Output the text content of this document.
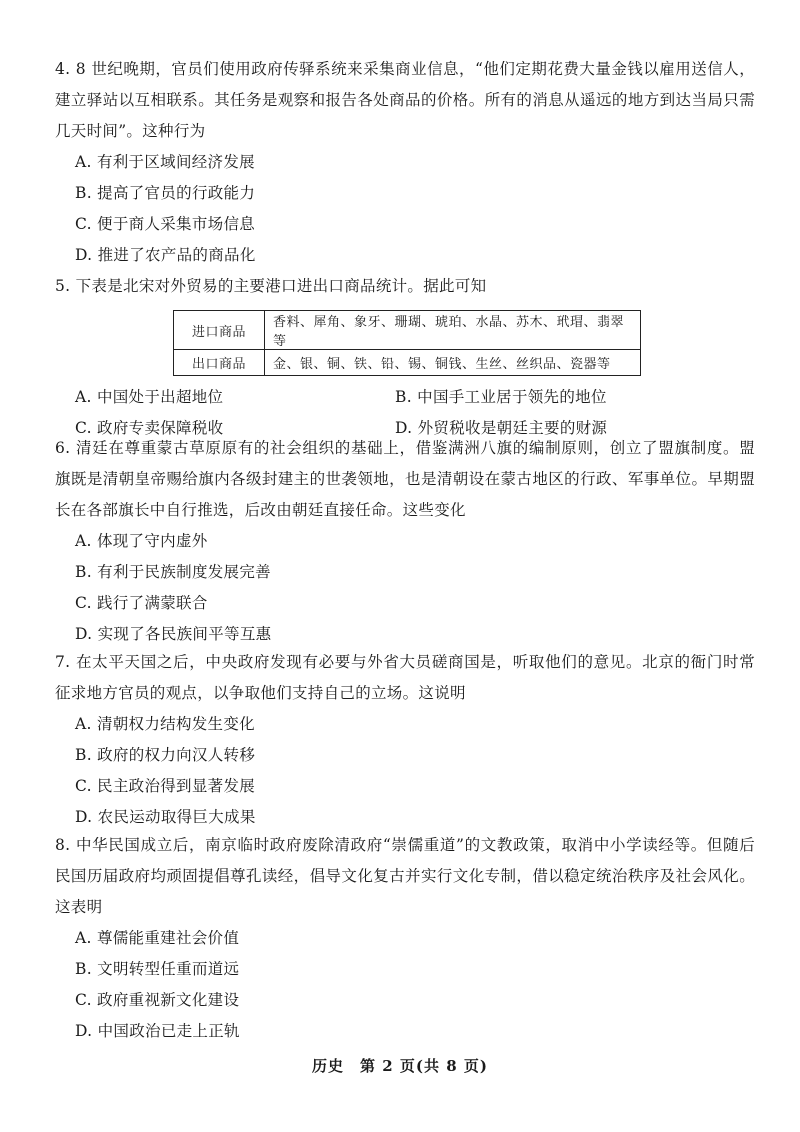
4. 8 世纪晚期，官员们使用政府传驿系统来采集商业信息，“他们定期花费大量金钱以雇用送信人，建立驿站以互相联系。其任务是观察和报告各处商品的价格。所有的消息从遥远的地方到达当局只需几天时间”。这种行为

A. 有利于区域间经济发展
B. 提高了官员的行政能力
C. 便于商人采集市场信息
D. 推进了农产品的商品化

5. 下表是北宋对外贸易的主要港口进出口商品统计。据此可知

进口商品	香料、犀角、象牙、珊瑚、琥珀、水晶、苏木、玳瑁、翡翠等
出口商品	金、银、铜、铁、铅、锡、铜钱、生丝、丝织品、瓷器等
A. 中国处于出超地位	B. 中国手工业居于领先的地位
C. 政府专卖保障税收	D. 外贸税收是朝廷主要的财源

6. 清廷在尊重蒙古草原原有的社会组织的基础上，借鉴满洲八旗的编制原则，创立了盟旗制度。盟旗既是清朝皇帝赐给旗内各级封建主的世袭领地，也是清朝设在蒙古地区的行政、军事单位。早期盟长在各部旗长中自行推选，后改由朝廷直接任命。这些变化

A. 体现了守内虚外
B. 有利于民族制度发展完善
C. 践行了满蒙联合
D. 实现了各民族间平等互惠

7. 在太平天国之后，中央政府发现有必要与外省大员磋商国是，听取他们的意见。北京的衙门时常征求地方官员的观点，以争取他们支持自己的立场。这说明

A. 清朝权力结构发生变化
B. 政府的权力向汉人转移
C. 民主政治得到显著发展
D. 农民运动取得巨大成果

8. 中华民国成立后，南京临时政府废除清政府“崇儒重道”的文教政策，取消中小学读经等。但随后民国历届政府均顽固提倡尊孔读经，倡导文化复古并实行文化专制，借以稳定统治秩序及社会风化。这表明

A. 尊儒能重建社会价值
B. 文明转型任重而道远
C. 政府重视新文化建设
D. 中国政治已走上正轨
历史　第 2 页(共 8 页)
